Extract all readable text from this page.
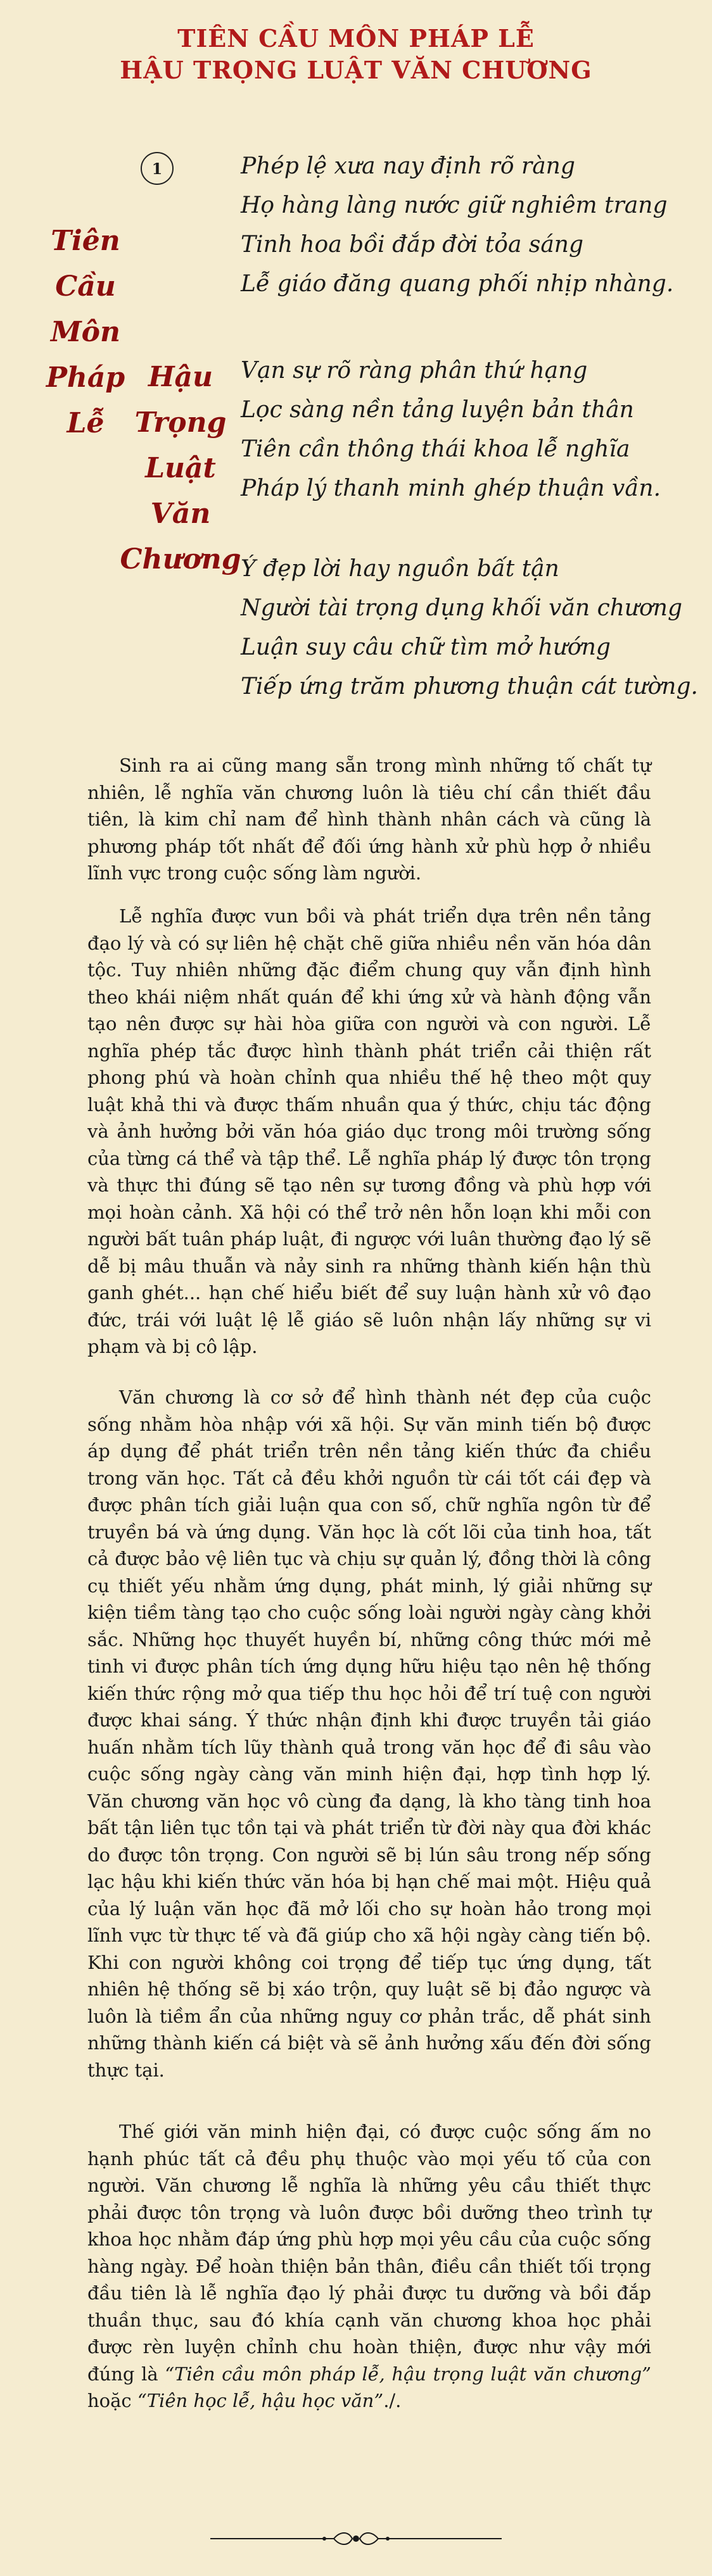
TIÊN CẦU MÔN PHÁP LỄ
HẬU TRỌNG LUẬT VĂN CHƯƠNG
1
Tiên
Cầu
Môn
Pháp
Lễ
Hậu
Trọng
Luật
Văn
Chương
Phép lệ xưa nay định rõ ràng
Họ hàng làng nước giữ nghiêm trang
Tinh hoa bồi đắp đời tỏa sáng
Lễ giáo đăng quang phối nhịp nhàng.
Vạn sự rõ ràng phân thứ hạng
Lọc sàng nền tảng luyện bản thân
Tiên cần thông thái khoa lễ nghĩa
Pháp lý thanh minh ghép thuận vần.
Ý đẹp lời hay nguồn bất tận
Người tài trọng dụng khối văn chương
Luận suy câu chữ tìm mở hướng
Tiếp ứng trăm phương thuận cát tường.

Sinh ra ai cũng mang sẵn trong mình những tố chất tự nhiên, lễ nghĩa văn chương luôn là tiêu chí cần thiết đầu tiên, là kim chỉ nam để hình thành nhân cách và cũng là phương pháp tốt nhất để đối ứng hành xử phù hợp ở nhiều lĩnh vực trong cuộc sống làm người.

Lễ nghĩa được vun bồi và phát triển dựa trên nền tảng đạo lý và có sự liên hệ chặt chẽ giữa nhiều nền văn hóa dân tộc. Tuy nhiên những đặc điểm chung quy vẫn định hình theo khái niệm nhất quán để khi ứng xử và hành động vẫn tạo nên được sự hài hòa giữa con người và con người. Lễ nghĩa phép tắc được hình thành phát triển cải thiện rất phong phú và hoàn chỉnh qua nhiều thế hệ theo một quy luật khả thi và được thấm nhuần qua ý thức, chịu tác động và ảnh hưởng bởi văn hóa giáo dục trong môi trường sống của từng cá thể và tập thể. Lễ nghĩa pháp lý được tôn trọng và thực thi đúng sẽ tạo nên sự tương đồng và phù hợp với mọi hoàn cảnh. Xã hội có thể trở nên hỗn loạn khi mỗi con người bất tuân pháp luật, đi ngược với luân thường đạo lý sẽ dễ bị mâu thuẫn và nảy sinh ra những thành kiến hận thù ganh ghét... hạn chế hiểu biết để suy luận hành xử vô đạo đức, trái với luật lệ lễ giáo sẽ luôn nhận lấy những sự vi phạm và bị cô lập.

Văn chương là cơ sở để hình thành nét đẹp của cuộc sống nhằm hòa nhập với xã hội. Sự văn minh tiến bộ được áp dụng để phát triển trên nền tảng kiến thức đa chiều trong văn học. Tất cả đều khởi nguồn từ cái tốt cái đẹp và được phân tích giải luận qua con số, chữ nghĩa ngôn từ để truyền bá và ứng dụng. Văn học là cốt lõi của tinh hoa, tất cả được bảo vệ liên tục và chịu sự quản lý, đồng thời là công cụ thiết yếu nhằm ứng dụng, phát minh, lý giải những sự kiện tiềm tàng tạo cho cuộc sống loài người ngày càng khởi sắc. Những học thuyết huyền bí, những công thức mới mẻ tinh vi được phân tích ứng dụng hữu hiệu tạo nên hệ thống kiến thức rộng mở qua tiếp thu học hỏi để trí tuệ con người được khai sáng. Ý thức nhận định khi được truyền tải giáo huấn nhằm tích lũy thành quả trong văn học để đi sâu vào cuộc sống ngày càng văn minh hiện đại, hợp tình hợp lý. Văn chương văn học vô cùng đa dạng, là kho tàng tinh hoa bất tận liên tục tồn tại và phát triển từ đời này qua đời khác do được tôn trọng. Con người sẽ bị lún sâu trong nếp sống lạc hậu khi kiến thức văn hóa bị hạn chế mai một. Hiệu quả của lý luận văn học đã mở lối cho sự hoàn hảo trong mọi lĩnh vực từ thực tế và đã giúp cho xã hội ngày càng tiến bộ. Khi con người không coi trọng để tiếp tục ứng dụng, tất nhiên hệ thống sẽ bị xáo trộn, quy luật sẽ bị đảo ngược và luôn là tiềm ẩn của những nguy cơ phản trắc, dễ phát sinh những thành kiến cá biệt và sẽ ảnh hưởng xấu đến đời sống thực tại.

Thế giới văn minh hiện đại, có được cuộc sống ấm no hạnh phúc tất cả đều phụ thuộc vào mọi yếu tố của con người. Văn chương lễ nghĩa là những yêu cầu thiết thực phải được tôn trọng và luôn được bồi dưỡng theo trình tự khoa học nhằm đáp ứng phù hợp mọi yêu cầu của cuộc sống hàng ngày. Để hoàn thiện bản thân, điều cần thiết tối trọng đầu tiên là lễ nghĩa đạo lý phải được tu dưỡng và bồi đắp thuần thục, sau đó khía cạnh văn chương khoa học phải được rèn luyện chỉnh chu hoàn thiện, được như vậy mới đúng là “Tiên cầu môn pháp lễ, hậu trọng luật văn chương” hoặc “Tiên học lễ, hậu học văn”./.
